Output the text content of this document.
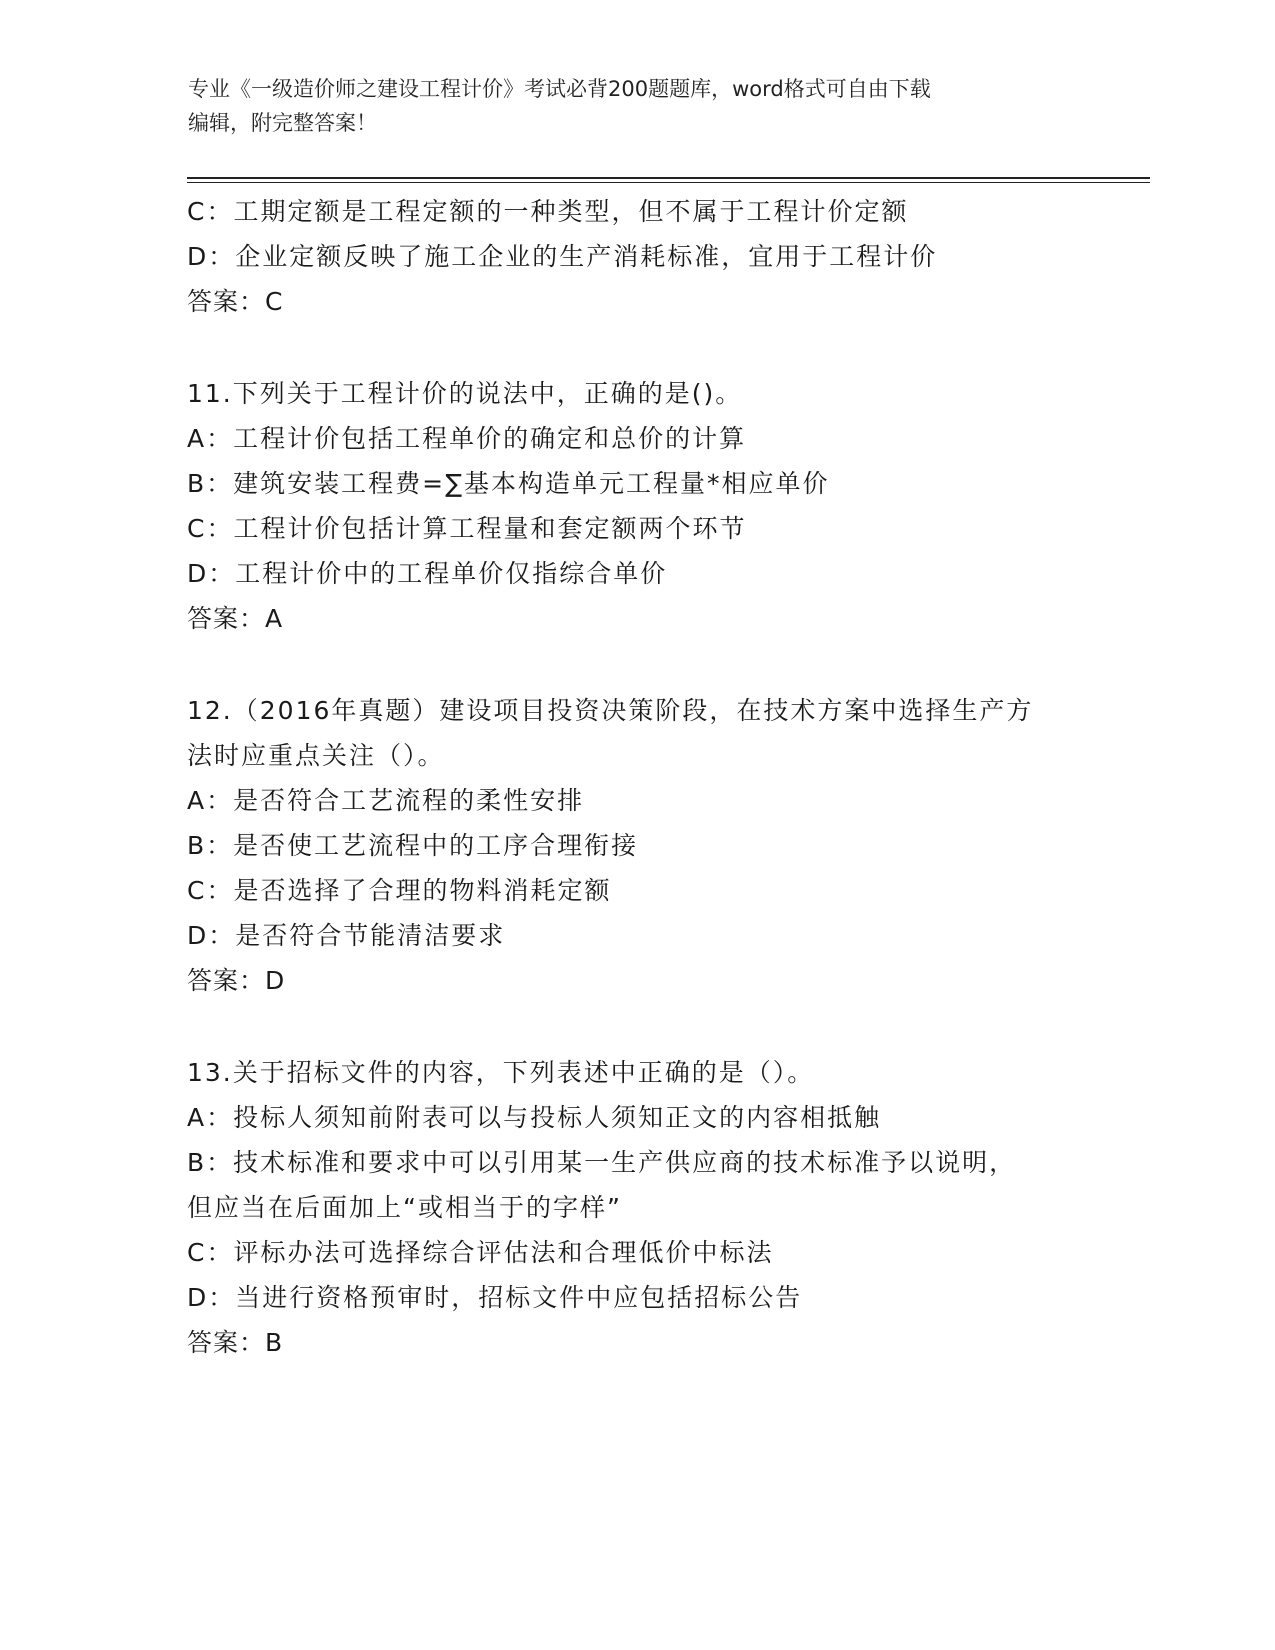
专业《一级造价师之建设工程计价》考试必背200题题库，word格式可自由下载
编辑，附完整答案！
C：工期定额是工程定额的一种类型，但不属于工程计价定额
D：企业定额反映了施工企业的生产消耗标准，宜用于工程计价
答案：C
11.下列关于工程计价的说法中，正确的是()。
A：工程计价包括工程单价的确定和总价的计算
B：建筑安装工程费=∑基本构造单元工程量*相应单价
C：工程计价包括计算工程量和套定额两个环节
D：工程计价中的工程单价仅指综合单价
答案：A
12.（2016年真题）建设项目投资决策阶段，在技术方案中选择生产方
法时应重点关注（）。
A：是否符合工艺流程的柔性安排
B：是否使工艺流程中的工序合理衔接
C：是否选择了合理的物料消耗定额
D：是否符合节能清洁要求
答案：D
13.关于招标文件的内容，下列表述中正确的是（）。
A：投标人须知前附表可以与投标人须知正文的内容相抵触
B：技术标准和要求中可以引用某一生产供应商的技术标准予以说明，
但应当在后面加上“或相当于的字样”
C：评标办法可选择综合评估法和合理低价中标法
D：当进行资格预审时，招标文件中应包括招标公告
答案：B
